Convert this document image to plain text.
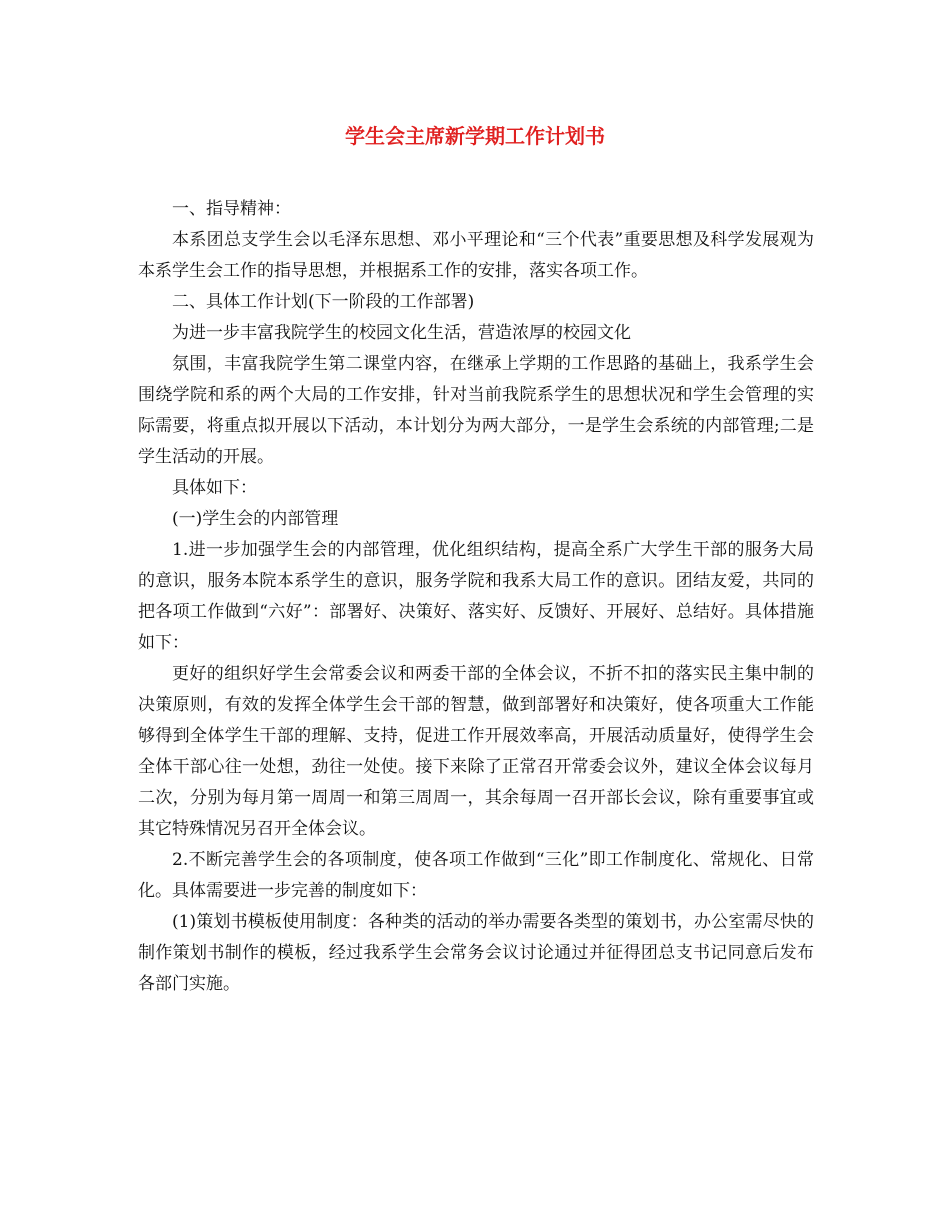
学生会主席新学期工作计划书

一、指导精神：

本系团总支学生会以毛泽东思想、邓小平理论和“三个代表”重要思想及科学发展观为本系学生会工作的指导思想，并根据系工作的安排，落实各项工作。

二、具体工作计划(下一阶段的工作部署)

为进一步丰富我院学生的校园文化生活，营造浓厚的校园文化

氛围，丰富我院学生第二课堂内容，在继承上学期的工作思路的基础上，我系学生会围绕学院和系的两个大局的工作安排，针对当前我院系学生的思想状况和学生会管理的实际需要，将重点拟开展以下活动，本计划分为两大部分，一是学生会系统的内部管理;二是学生活动的开展。

具体如下：

(一)学生会的内部管理

1.进一步加强学生会的内部管理，优化组织结构，提高全系广大学生干部的服务大局的意识，服务本院本系学生的意识，服务学院和我系大局工作的意识。团结友爱，共同的把各项工作做到“六好”：部署好、决策好、落实好、反馈好、开展好、总结好。具体措施如下：

更好的组织好学生会常委会议和两委干部的全体会议，不折不扣的落实民主集中制的决策原则，有效的发挥全体学生会干部的智慧，做到部署好和决策好，使各项重大工作能够得到全体学生干部的理解、支持，促进工作开展效率高，开展活动质量好，使得学生会全体干部心往一处想，劲往一处使。接下来除了正常召开常委会议外，建议全体会议每月二次，分别为每月第一周周一和第三周周一，其余每周一召开部长会议，除有重要事宜或其它特殊情况另召开全体会议。

2.不断完善学生会的各项制度，使各项工作做到“三化”即工作制度化、常规化、日常化。具体需要进一步完善的制度如下：

(1)策划书模板使用制度：各种类的活动的举办需要各类型的策划书，办公室需尽快的制作策划书制作的模板，经过我系学生会常务会议讨论通过并征得团总支书记同意后发布各部门实施。
